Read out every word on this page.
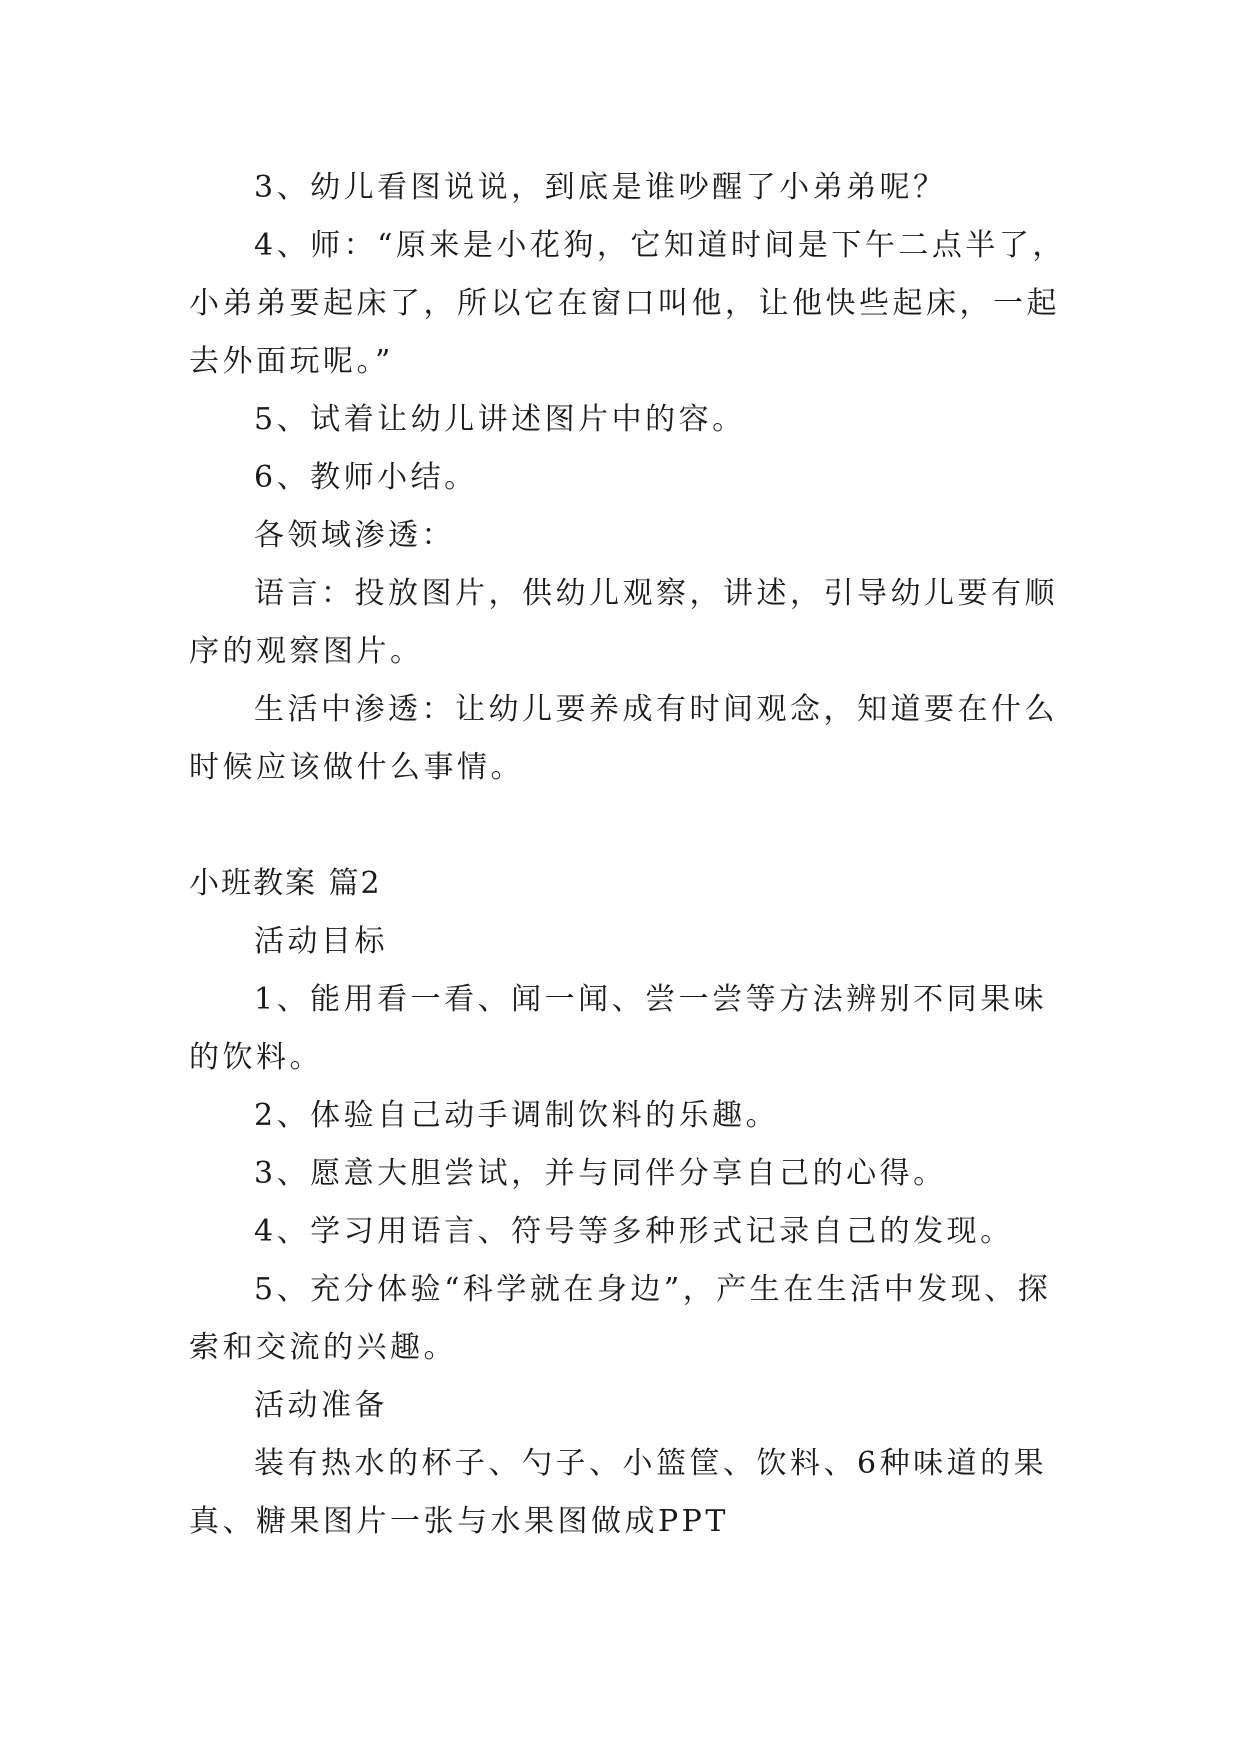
3、幼儿看图说说，到底是谁吵醒了小弟弟呢？
4、师：“原来是小花狗，它知道时间是下午二点半了，
小弟弟要起床了，所以它在窗口叫他，让他快些起床，一起
去外面玩呢。”
5、试着让幼儿讲述图片中的容。
6、教师小结。
各领域渗透：
语言：投放图片，供幼儿观察，讲述，引导幼儿要有顺
序的观察图片。
生活中渗透：让幼儿要养成有时间观念，知道要在什么
时候应该做什么事情。
小班教案 篇2
活动目标
1、能用看一看、闻一闻、尝一尝等方法辨别不同果味
的饮料。
2、体验自己动手调制饮料的乐趣。
3、愿意大胆尝试，并与同伴分享自己的心得。
4、学习用语言、符号等多种形式记录自己的发现。
5、充分体验“科学就在身边”，产生在生活中发现、探
索和交流的兴趣。
活动准备
装有热水的杯子、勺子、小篮筐、饮料、6种味道的果
真、糖果图片一张与水果图做成PPT
